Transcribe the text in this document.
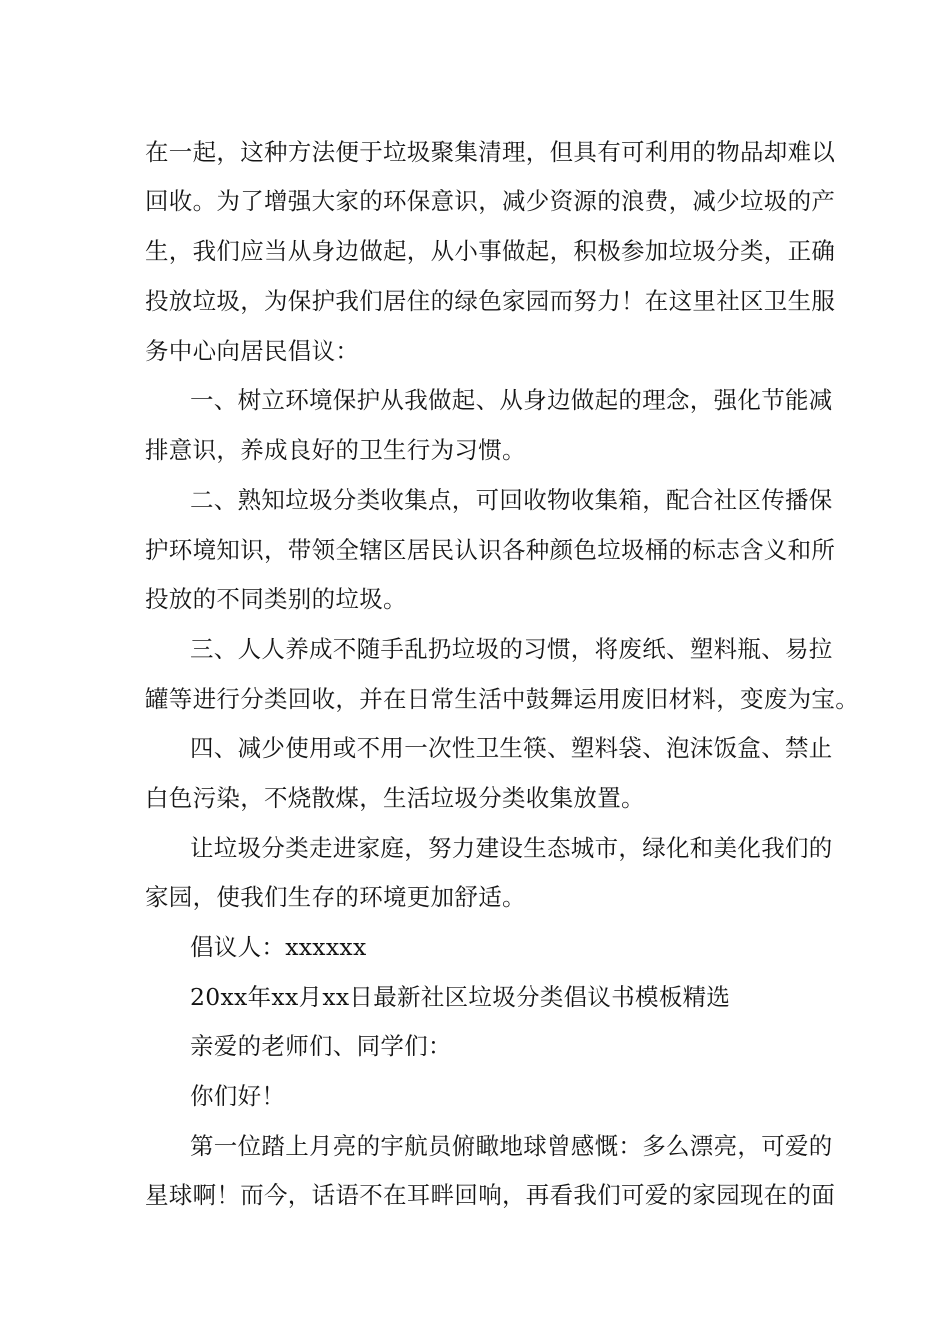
在一起，这种方法便于垃圾聚集清理，但具有可利用的物品却难以
回收。为了增强大家的环保意识，减少资源的浪费，减少垃圾的产
生，我们应当从身边做起，从小事做起，积极参加垃圾分类，正确
投放垃圾，为保护我们居住的绿色家园而努力！在这里社区卫生服
务中心向居民倡议：
一、树立环境保护从我做起、从身边做起的理念，强化节能减
排意识，养成良好的卫生行为习惯。
二、熟知垃圾分类收集点，可回收物收集箱，配合社区传播保
护环境知识，带领全辖区居民认识各种颜色垃圾桶的标志含义和所
投放的不同类别的垃圾。
三、人人养成不随手乱扔垃圾的习惯，将废纸、塑料瓶、易拉
罐等进行分类回收，并在日常生活中鼓舞运用废旧材料，变废为宝。
四、减少使用或不用一次性卫生筷、塑料袋、泡沫饭盒、禁止
白色污染，不烧散煤，生活垃圾分类收集放置。
让垃圾分类走进家庭，努力建设生态城市，绿化和美化我们的
家园，使我们生存的环境更加舒适。
倡议人：xxxxxx
20xx年xx月xx日最新社区垃圾分类倡议书模板精选
亲爱的老师们、同学们：
你们好！
第一位踏上月亮的宇航员俯瞰地球曾感慨：多么漂亮，可爱的
星球啊！而今，话语不在耳畔回响，再看我们可爱的家园现在的面
